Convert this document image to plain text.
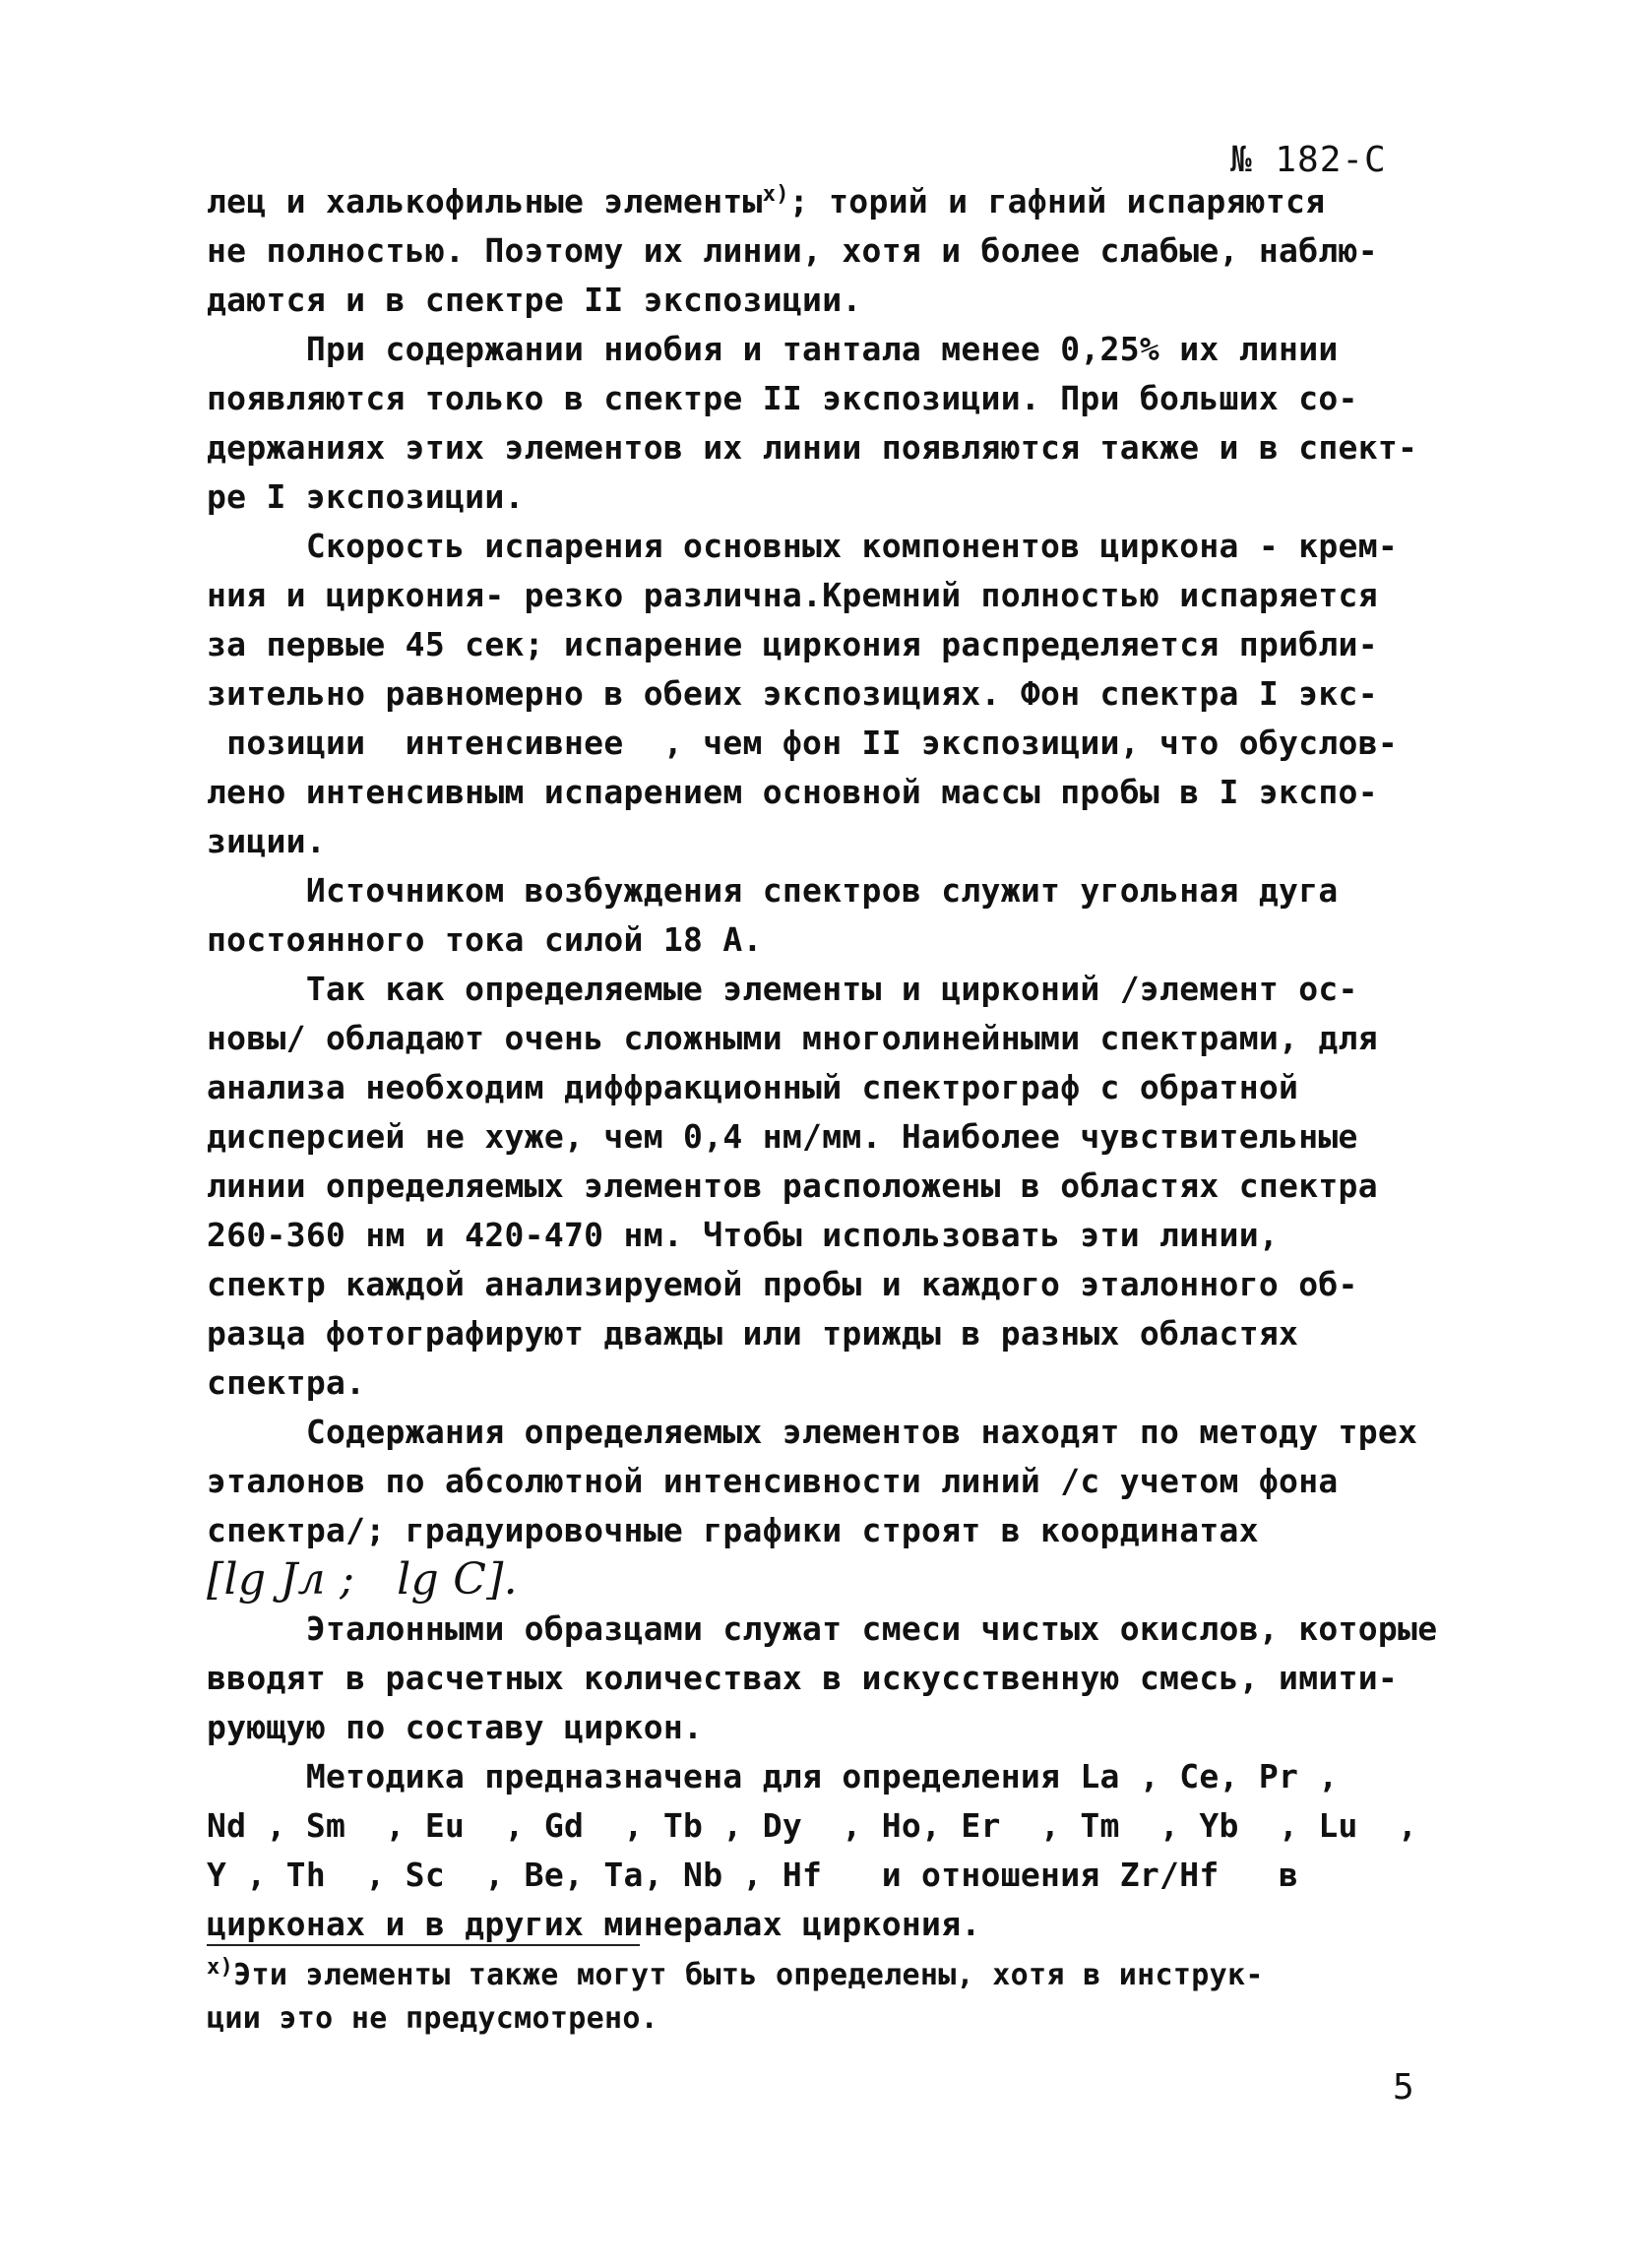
№ 182-С
лец и халькофильные элементы$^{x)}$; торий и гафний испаряются
не полностью. Поэтому их линии, хотя и более слабые, наблю-
даются и в спектре II экспозиции.
При содержании ниобия и тантала менее 0,25% их линии
появляются только в спектре II экспозиции. При больших со-
держаниях этих элементов их линии появляются также и в спект-
ре I экспозиции.
Скорость испарения основных компонентов циркона - крем-
ния и циркония- резко различна.Кремний полностью испаряется
за первые 45 сек; испарение циркония распределяется прибли-
зительно равномерно в обеих экспозициях. Фон спектра I экс-
позиции  интенсивнее  , чем фон II экспозиции, что обуслов-
лено интенсивным испарением основной массы пробы в I экспо-
зиции.
Источником возбуждения спектров служит угольная дуга
постоянного тока силой 18 А.
Так как определяемые элементы и цирконий /элемент ос-
новы/ обладают очень сложными многолинейными спектрами, для
анализа необходим диффракционный спектрограф с обратной
дисперсией не хуже, чем 0,4 нм/мм. Наиболее чувствительные
линии определяемых элементов расположены в областях спектра
260-360 нм и 420-470 нм. Чтобы использовать эти линии,
спектр каждой анализируемой пробы и каждого эталонного об-
разца фотографируют дважды или трижды в разных областях
спектра.
Содержания определяемых элементов находят по методу трех
эталонов по абсолютной интенсивности линий /с учетом фона
спектра/; градуировочные графики строят в координатах
[lg Jл ;   lg C].
Эталонными образцами служат смеси чистых окислов, которые
вводят в расчетных количествах в искусственную смесь, имити-
рующую по составу циркон.
Методика предназначена для определения La , Ce, Pr ,
Nd , Sm  , Eu  , Gd  , Tb , Dy  , Ho, Er  , Tm  , Yb  , Lu  ,
Y , Th  , Sc  , Be, Ta, Nb , Hf   и отношения Zr/Hf   в
цирконах и в других минералах циркония.
$^{x)}$Эти элементы также могут быть определены, хотя в инструк-
ции это не предусмотрено.
5
